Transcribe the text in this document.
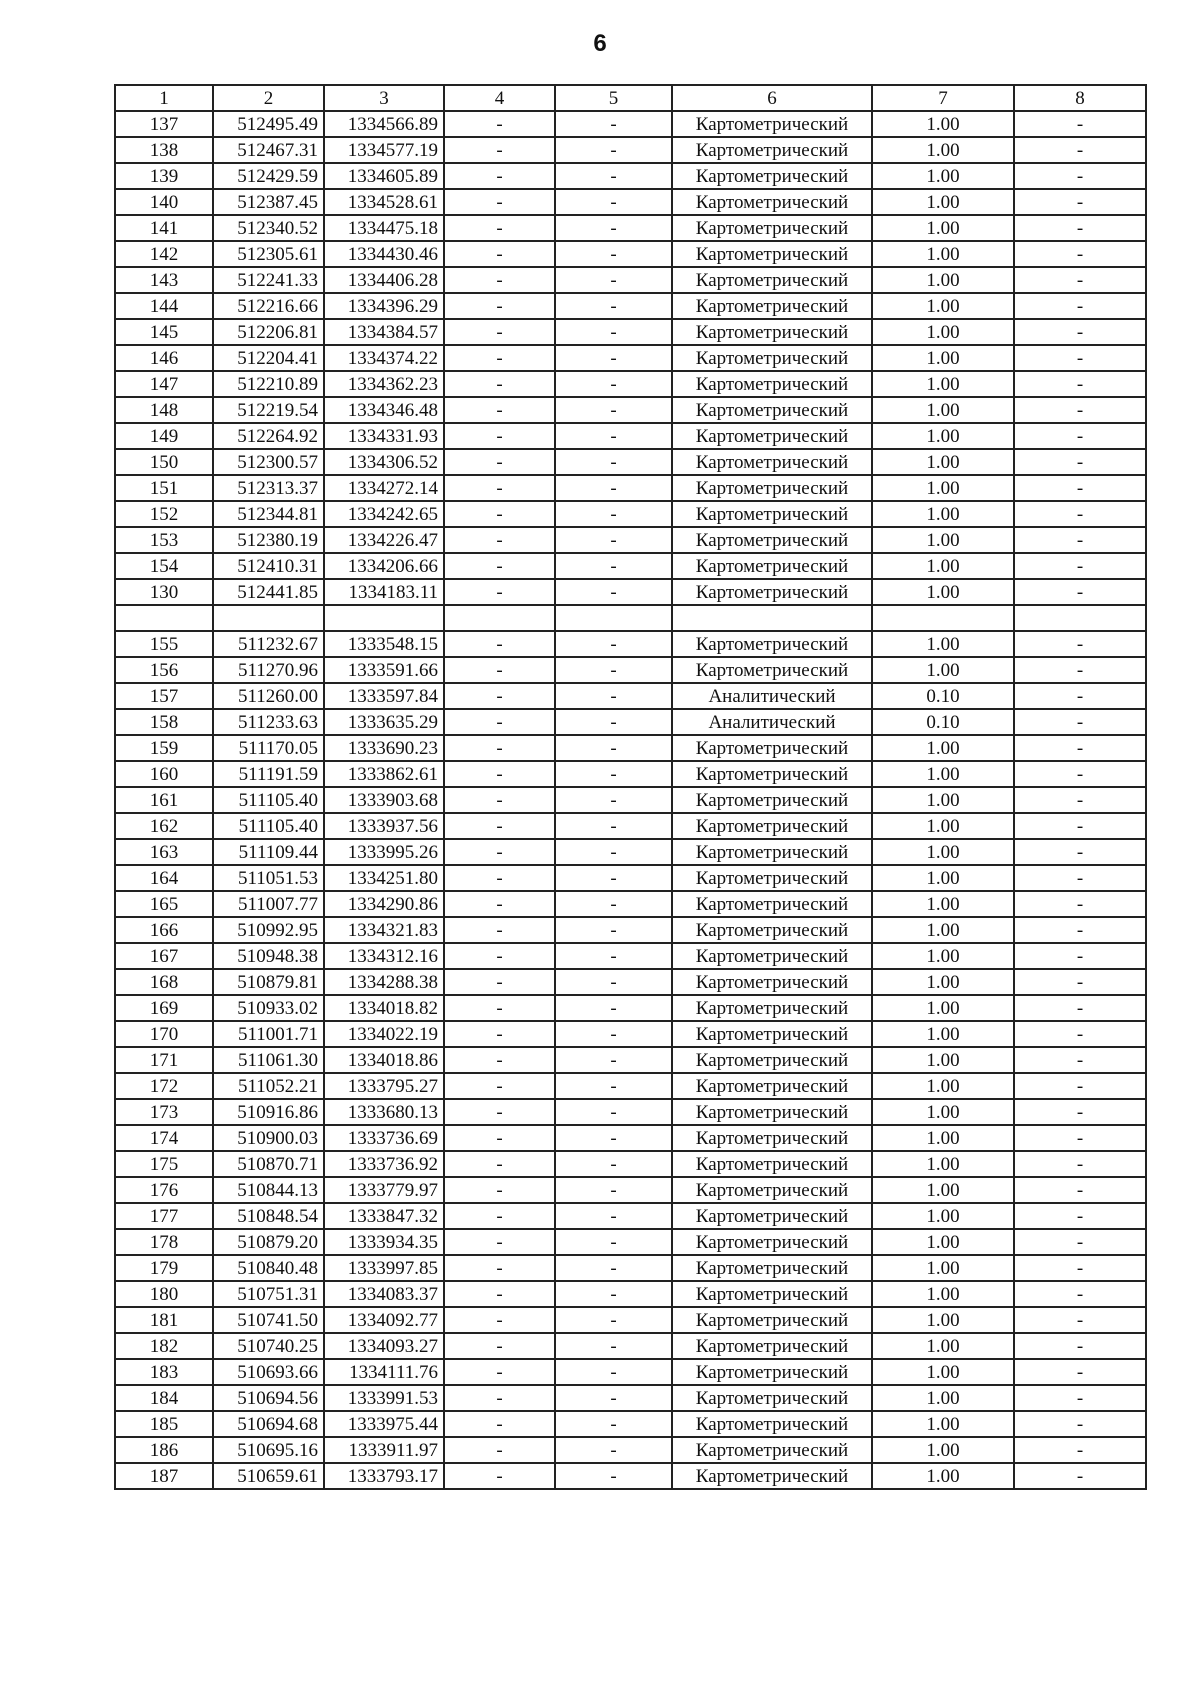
6
1	2	3	4	5	6	7	8
137	512495.49	1334566.89	-	-	Картометрический	1.00	-
138	512467.31	1334577.19	-	-	Картометрический	1.00	-
139	512429.59	1334605.89	-	-	Картометрический	1.00	-
140	512387.45	1334528.61	-	-	Картометрический	1.00	-
141	512340.52	1334475.18	-	-	Картометрический	1.00	-
142	512305.61	1334430.46	-	-	Картометрический	1.00	-
143	512241.33	1334406.28	-	-	Картометрический	1.00	-
144	512216.66	1334396.29	-	-	Картометрический	1.00	-
145	512206.81	1334384.57	-	-	Картометрический	1.00	-
146	512204.41	1334374.22	-	-	Картометрический	1.00	-
147	512210.89	1334362.23	-	-	Картометрический	1.00	-
148	512219.54	1334346.48	-	-	Картометрический	1.00	-
149	512264.92	1334331.93	-	-	Картометрический	1.00	-
150	512300.57	1334306.52	-	-	Картометрический	1.00	-
151	512313.37	1334272.14	-	-	Картометрический	1.00	-
152	512344.81	1334242.65	-	-	Картометрический	1.00	-
153	512380.19	1334226.47	-	-	Картометрический	1.00	-
154	512410.31	1334206.66	-	-	Картометрический	1.00	-
130	512441.85	1334183.11	-	-	Картометрический	1.00	-

155	511232.67	1333548.15	-	-	Картометрический	1.00	-
156	511270.96	1333591.66	-	-	Картометрический	1.00	-
157	511260.00	1333597.84	-	-	Аналитический	0.10	-
158	511233.63	1333635.29	-	-	Аналитический	0.10	-
159	511170.05	1333690.23	-	-	Картометрический	1.00	-
160	511191.59	1333862.61	-	-	Картометрический	1.00	-
161	511105.40	1333903.68	-	-	Картометрический	1.00	-
162	511105.40	1333937.56	-	-	Картометрический	1.00	-
163	511109.44	1333995.26	-	-	Картометрический	1.00	-
164	511051.53	1334251.80	-	-	Картометрический	1.00	-
165	511007.77	1334290.86	-	-	Картометрический	1.00	-
166	510992.95	1334321.83	-	-	Картометрический	1.00	-
167	510948.38	1334312.16	-	-	Картометрический	1.00	-
168	510879.81	1334288.38	-	-	Картометрический	1.00	-
169	510933.02	1334018.82	-	-	Картометрический	1.00	-
170	511001.71	1334022.19	-	-	Картометрический	1.00	-
171	511061.30	1334018.86	-	-	Картометрический	1.00	-
172	511052.21	1333795.27	-	-	Картометрический	1.00	-
173	510916.86	1333680.13	-	-	Картометрический	1.00	-
174	510900.03	1333736.69	-	-	Картометрический	1.00	-
175	510870.71	1333736.92	-	-	Картометрический	1.00	-
176	510844.13	1333779.97	-	-	Картометрический	1.00	-
177	510848.54	1333847.32	-	-	Картометрический	1.00	-
178	510879.20	1333934.35	-	-	Картометрический	1.00	-
179	510840.48	1333997.85	-	-	Картометрический	1.00	-
180	510751.31	1334083.37	-	-	Картометрический	1.00	-
181	510741.50	1334092.77	-	-	Картометрический	1.00	-
182	510740.25	1334093.27	-	-	Картометрический	1.00	-
183	510693.66	1334111.76	-	-	Картометрический	1.00	-
184	510694.56	1333991.53	-	-	Картометрический	1.00	-
185	510694.68	1333975.44	-	-	Картометрический	1.00	-
186	510695.16	1333911.97	-	-	Картометрический	1.00	-
187	510659.61	1333793.17	-	-	Картометрический	1.00	-
